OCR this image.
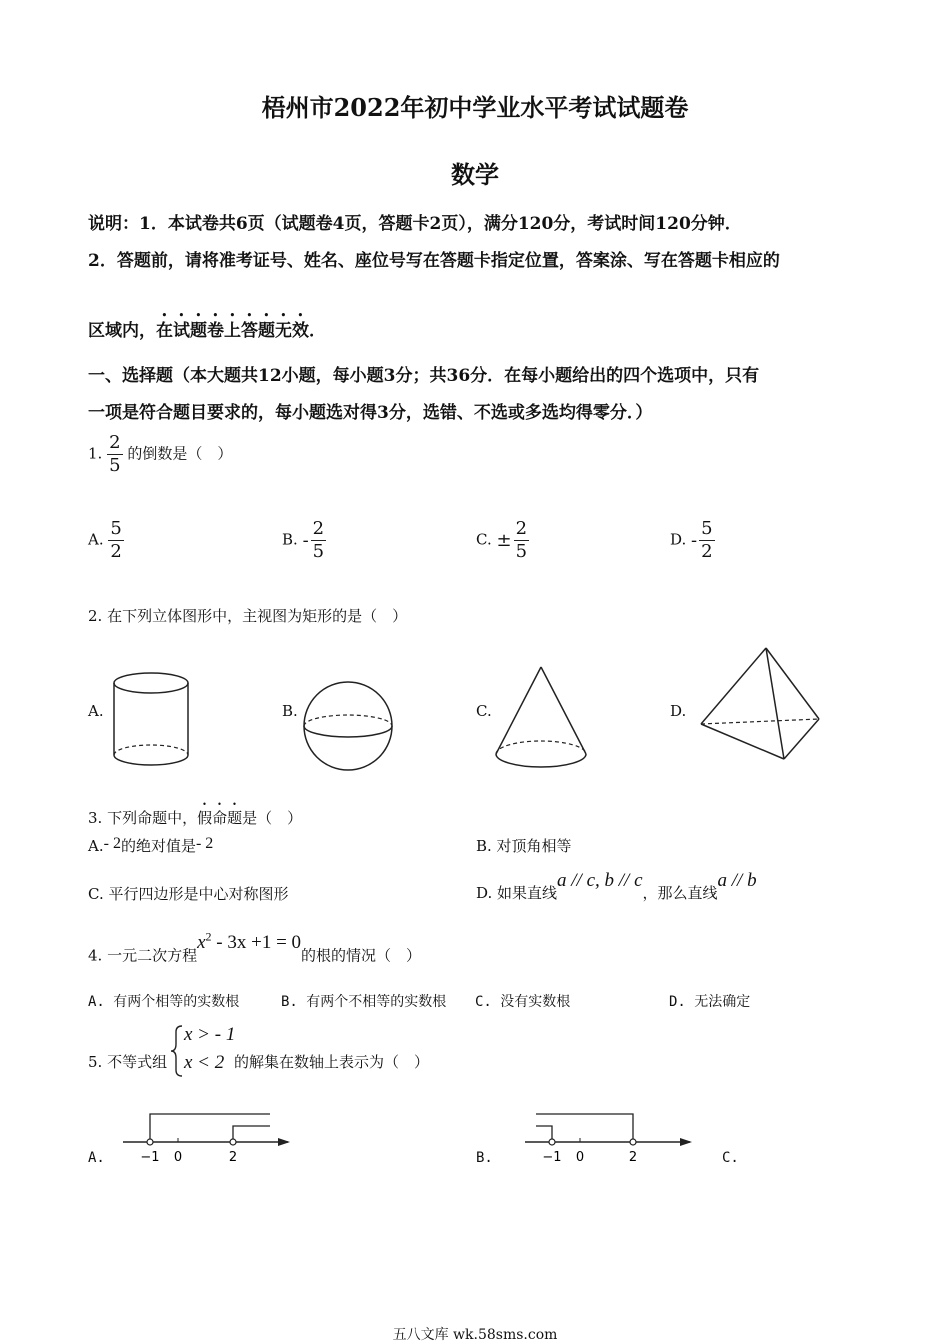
梧州市2022年初中学业水平考试试题卷
数学
说明：1．本试卷共6页（试题卷4页，答题卡2页），满分120分，考试时间120分钟．
2．答题前，请将准考证号、姓名、座位号写在答题卡指定位置，答案涂、写在答题卡相应的
区域内，在试题卷上答题无效．
一、选择题（本大题共12小题，每小题3分；共36分．在每小题给出的四个选项中，只有
一项是符合题目要求的，每小题选对得3分，选错、不选或多选均得零分．）
1. $\frac{2}{5}$ 的倒数是（　）
A. $\frac{5}{2}$	B. - $\frac{2}{5}$	C. ± $\frac{2}{5}$	D. - $\frac{5}{2}$
2. 在下列立体图形中，主视图为矩形的是（　）
A.	B.	C.	D.
3. 下列命题中，假命题是（　）
A.- 2的绝对值是- 2	B. 对顶角相等
C. 平行四边形是中心对称图形	D. 如果直线a // c, b // c，那么直线a // b
4. 一元二次方程$x^2 - 3x +1 = 0$的根的情况（　）
A. 有两个相等的实数根	B. 有两个不相等的实数根 C. 没有实数根	D. 无法确定
5. 不等式组
x > - 1
x < 2 的解集在数轴上表示为（　）
A.	−1 0	2	B.	−1 0	2	C.
五八文库 wk.58sms.com
